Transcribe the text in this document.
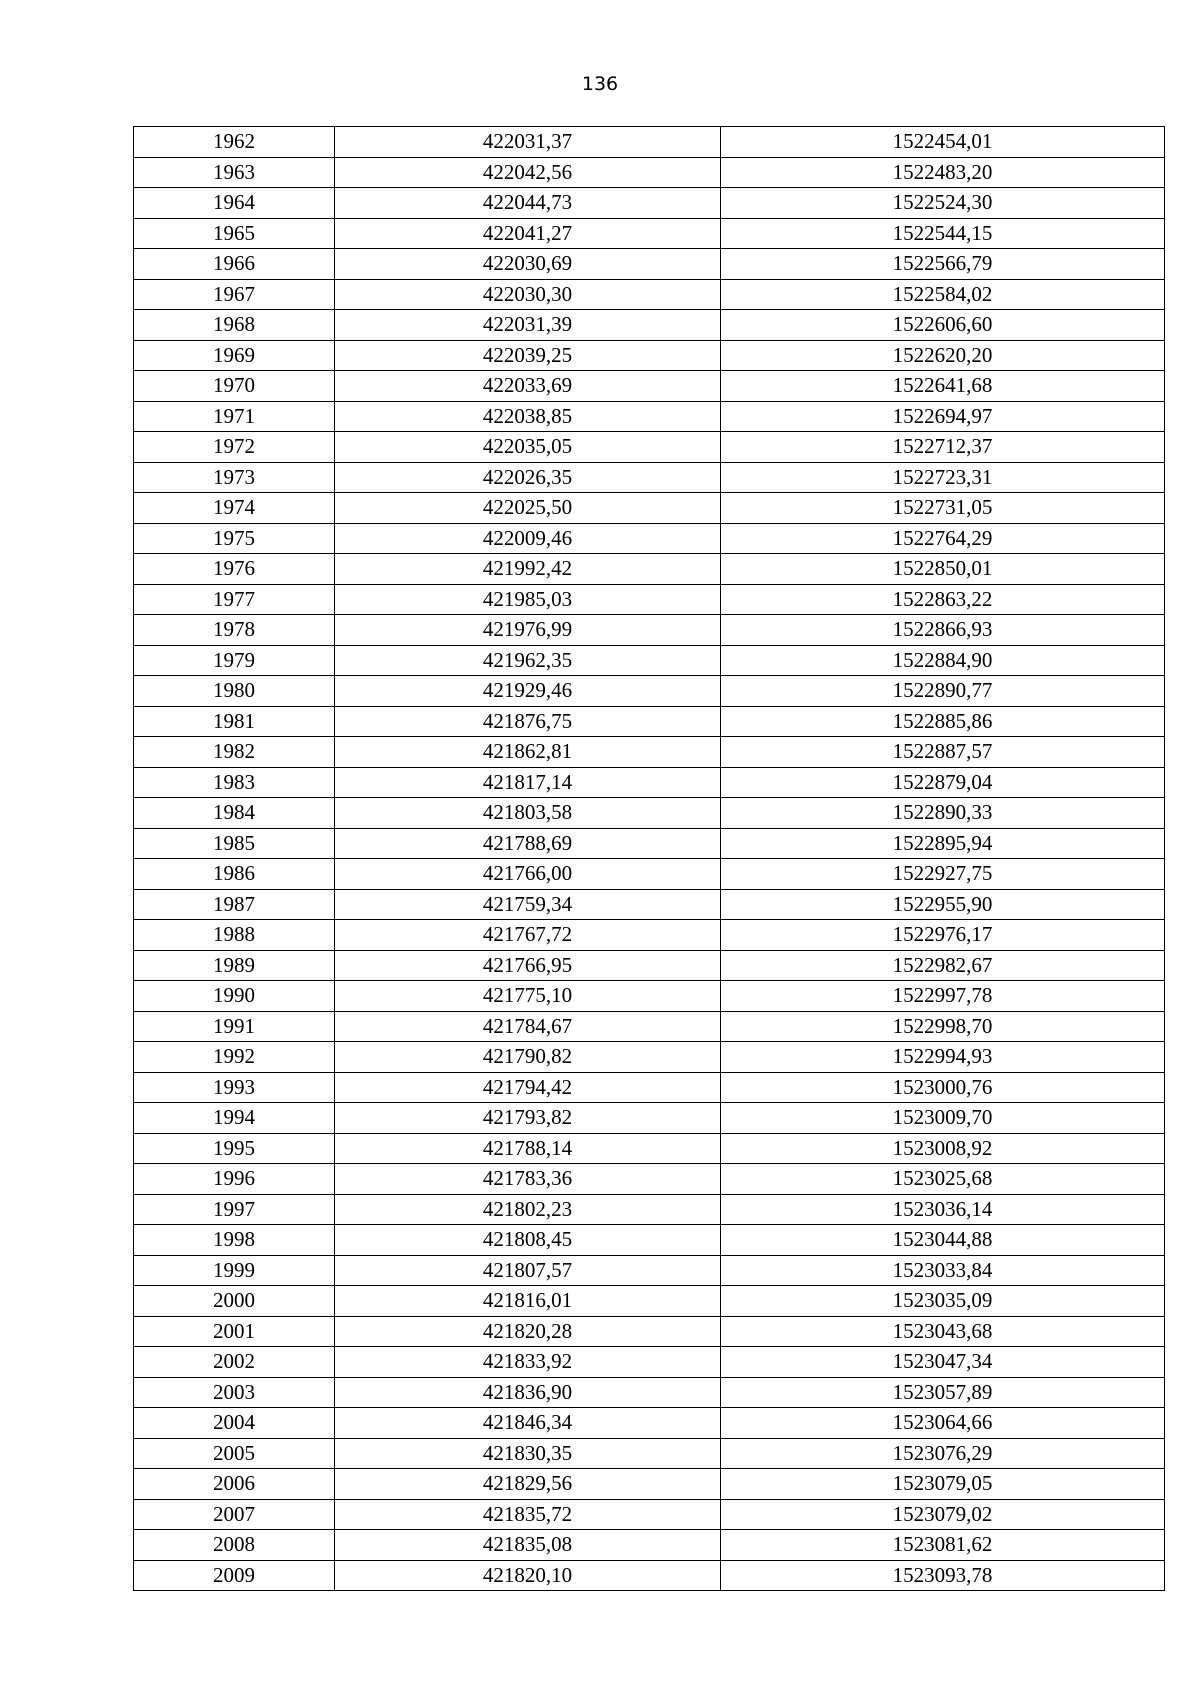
136
1962	422031,37	1522454,01
1963	422042,56	1522483,20
1964	422044,73	1522524,30
1965	422041,27	1522544,15
1966	422030,69	1522566,79
1967	422030,30	1522584,02
1968	422031,39	1522606,60
1969	422039,25	1522620,20
1970	422033,69	1522641,68
1971	422038,85	1522694,97
1972	422035,05	1522712,37
1973	422026,35	1522723,31
1974	422025,50	1522731,05
1975	422009,46	1522764,29
1976	421992,42	1522850,01
1977	421985,03	1522863,22
1978	421976,99	1522866,93
1979	421962,35	1522884,90
1980	421929,46	1522890,77
1981	421876,75	1522885,86
1982	421862,81	1522887,57
1983	421817,14	1522879,04
1984	421803,58	1522890,33
1985	421788,69	1522895,94
1986	421766,00	1522927,75
1987	421759,34	1522955,90
1988	421767,72	1522976,17
1989	421766,95	1522982,67
1990	421775,10	1522997,78
1991	421784,67	1522998,70
1992	421790,82	1522994,93
1993	421794,42	1523000,76
1994	421793,82	1523009,70
1995	421788,14	1523008,92
1996	421783,36	1523025,68
1997	421802,23	1523036,14
1998	421808,45	1523044,88
1999	421807,57	1523033,84
2000	421816,01	1523035,09
2001	421820,28	1523043,68
2002	421833,92	1523047,34
2003	421836,90	1523057,89
2004	421846,34	1523064,66
2005	421830,35	1523076,29
2006	421829,56	1523079,05
2007	421835,72	1523079,02
2008	421835,08	1523081,62
2009	421820,10	1523093,78
